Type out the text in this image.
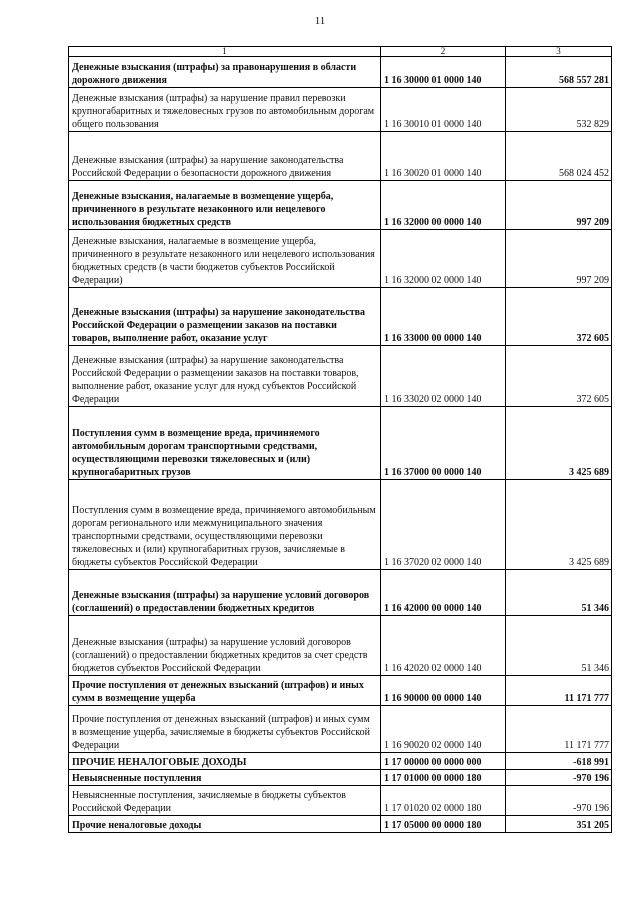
11
1	2	3
Денежные взыскания (штрафы) за правонарушения в области дорожного движения	1 16 30000 01 0000 140	568 557 281
Денежные взыскания (штрафы) за нарушение правил перевозки крупногабаритных и тяжеловесных грузов по автомобильным дорогам общего пользования	1 16 30010 01 0000 140	532 829
Денежные взыскания (штрафы) за нарушение законодательства Российской Федерации о безопасности дорожного движения	1 16 30020 01 0000 140	568 024 452
Денежные взыскания, налагаемые в возмещение ущерба, причиненного в результате незаконного или нецелевого использования бюджетных средств	1 16 32000 00 0000 140	997 209
Денежные взыскания, налагаемые в возмещение ущерба, причиненного в результате незаконного или нецелевого использования бюджетных средств (в части бюджетов субъектов Российской Федерации)	1 16 32000 02 0000 140	997 209
Денежные взыскания (штрафы) за нарушение законодательства Российской Федерации о размещении заказов на поставки товаров, выполнение работ, оказание услуг	1 16 33000 00 0000 140	372 605
Денежные взыскания (штрафы) за нарушение законодательства Российской Федерации о размещении заказов на поставки товаров, выполнение работ, оказание услуг для нужд субъектов Российской Федерации	1 16 33020 02 0000 140	372 605
Поступления сумм в возмещение вреда, причиняемого автомобильным дорогам транспортными средствами, осуществляющими перевозки тяжеловесных и (или) крупногабаритных грузов	1 16 37000 00 0000 140	3 425 689
Поступления сумм в возмещение вреда, причиняемого автомобильным дорогам регионального или межмуниципального значения транспортными средствами, осуществляющими перевозки тяжеловесных и (или) крупногабаритных грузов, зачисляемые в бюджеты субъектов Российской Федерации	1 16 37020 02 0000 140	3 425 689
Денежные взыскания (штрафы) за нарушение условий договоров (соглашений) о предоставлении бюджетных кредитов	1 16 42000 00 0000 140	51 346
Денежные взыскания (штрафы) за нарушение условий договоров (соглашений) о предоставлении бюджетных кредитов за счет средств бюджетов субъектов Российской Федерации	1 16 42020 02 0000 140	51 346
Прочие поступления от денежных взысканий (штрафов) и иных сумм в возмещение ущерба	1 16 90000 00 0000 140	11 171 777
Прочие поступления от денежных взысканий (штрафов) и иных сумм в возмещение ущерба, зачисляемые в бюджеты субъектов Российской Федерации	1 16 90020 02 0000 140	11 171 777
ПРОЧИЕ НЕНАЛОГОВЫЕ ДОХОДЫ	1 17 00000 00 0000 000	-618 991
Невыясненные поступления	1 17 01000 00 0000 180	-970 196
Невыясненные поступления, зачисляемые в бюджеты субъектов Российской Федерации	1 17 01020 02 0000 180	-970 196
Прочие неналоговые доходы	1 17 05000 00 0000 180	351 205
